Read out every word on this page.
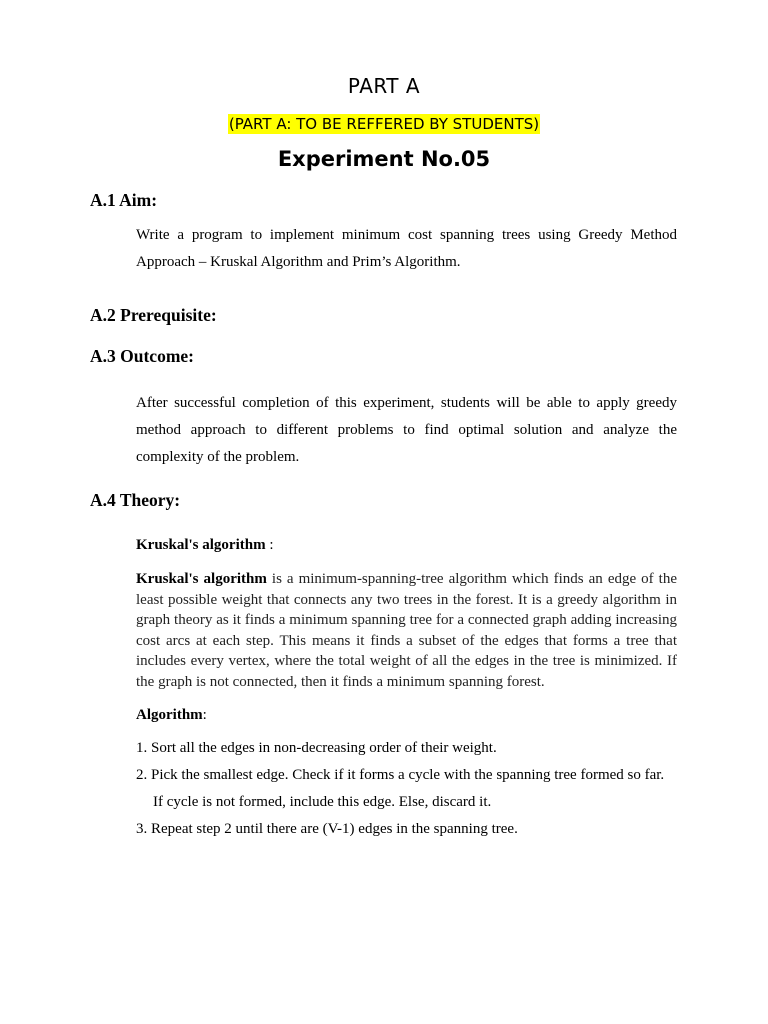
PART A
(PART A: TO BE REFFERED BY STUDENTS)
Experiment No.05
A.1 Aim:
Write a program to implement minimum cost spanning trees using Greedy Method Approach – Kruskal Algorithm and Prim’s Algorithm.
A.2 Prerequisite:
A.3 Outcome:
After successful completion of this experiment, students will be able to apply greedy method approach to different problems to find optimal solution and analyze the complexity of the problem.
A.4 Theory:
Kruskal's algorithm :
Kruskal's algorithm is a minimum-spanning-tree algorithm which finds an edge of the least possible weight that connects any two trees in the forest. It is a greedy algorithm in graph theory as it finds a minimum spanning tree for a connected graph adding increasing cost arcs at each step. This means it finds a subset of the edges that forms a tree that includes every vertex, where the total weight of all the edges in the tree is minimized. If the graph is not connected, then it finds a minimum spanning forest.
Algorithm:
1. Sort all the edges in non-decreasing order of their weight.
2. Pick the smallest edge. Check if it forms a cycle with the spanning tree formed so far.
If cycle is not formed, include this edge. Else, discard it.
3. Repeat step 2 until there are (V-1) edges in the spanning tree.
